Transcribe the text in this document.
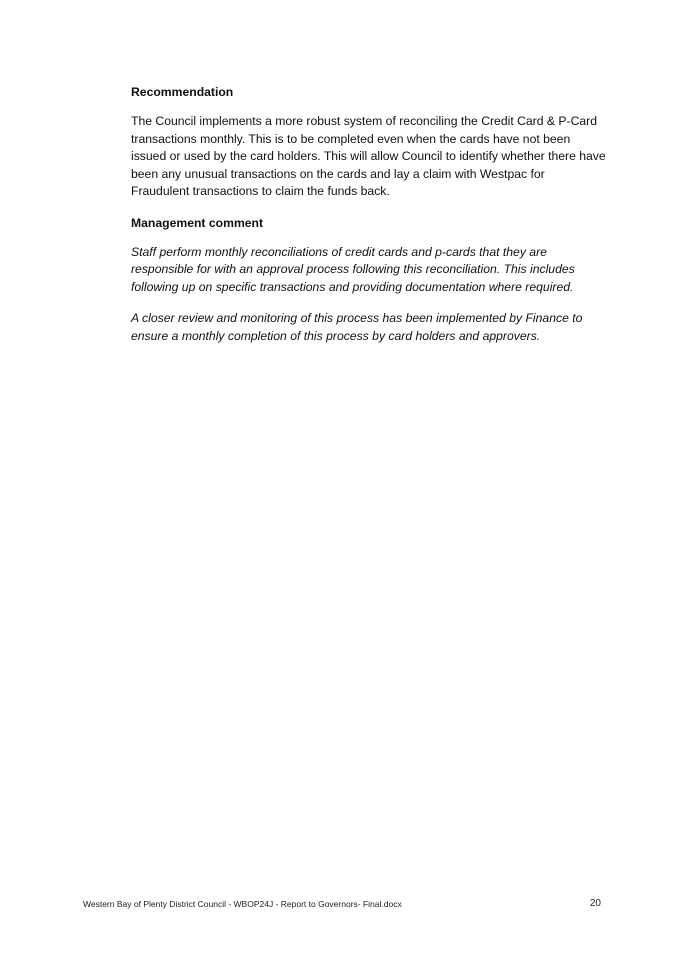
Recommendation

The Council implements a more robust system of reconciling the Credit Card & P-Card transactions monthly. This is to be completed even when the cards have not been issued or used by the card holders. This will allow Council to identify whether there have been any unusual transactions on the cards and lay a claim with Westpac for Fraudulent transactions to claim the funds back.

Management comment

Staff perform monthly reconciliations of credit cards and p-cards that they are responsible for with an approval process following this reconciliation. This includes following up on specific transactions and providing documentation where required.

A closer review and monitoring of this process has been implemented by Finance to ensure a monthly completion of this process by card holders and approvers.

Western Bay of Plenty District Council - WBOP24J - Report to Governors- Final.docx	20
